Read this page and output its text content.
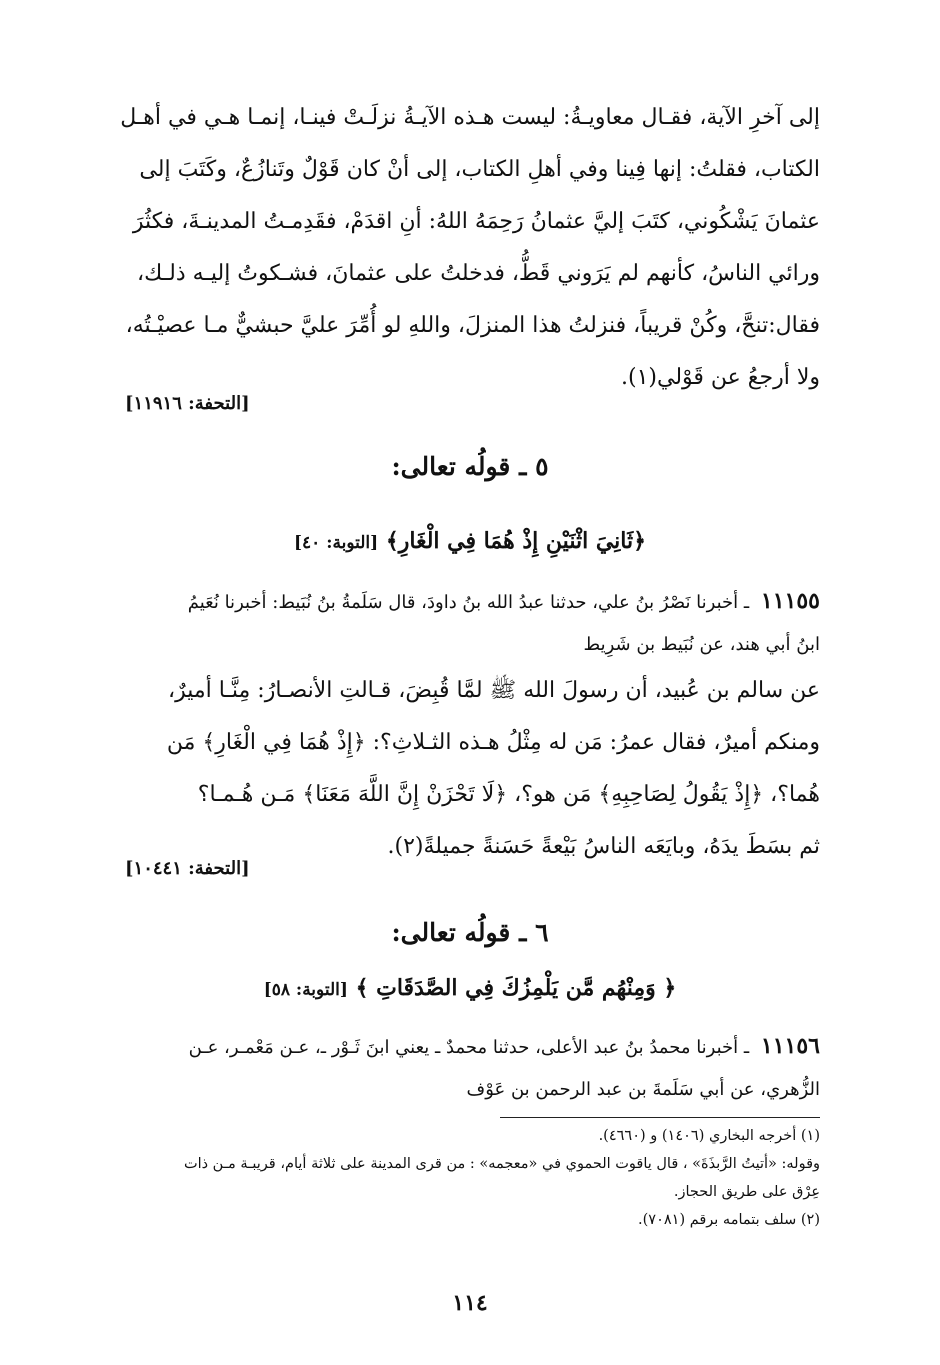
إلى آخرِ الآية، فقـال معاويـةُ: ليست هـذه الآيـةُ نزلَـتْ فينـا، إنمـا هـي في أهـل
الكتاب، فقلتُ: إنها فِينا وفي أهلِ الكتاب، إلى أنْ كان قَوْلٌ وتَنازُعٌ، وكَتَبَ إلى
عثمانَ يَشْكُوني، كتَبَ إليَّ عثمانُ رَحِمَهُ اللهُ: أنِ اقدَمْ، فقَدِمـتُ المدينـةَ، فكثُرَ
ورائي الناسُ، كأنهم لم يَرَوني قَطُّ، فدخلتُ على عثمانَ، فشـكوتُ إليـه ذلـك،
فقال:تنحَّ، وكُنْ قريباً، فنزلتُ هذا المنزلَ، واللهِ لو أُمِّرَ عليَّ حبشيٌّ مـا عصيْـتُه،
ولا أرجعُ عن قَوْلي(١).
[التحفة: ١١٩١٦]
٥ ـ قولُه تعالى:
﴿ثَانِيَ اثْنَيْنِ إِذْ هُمَا فِي الْغَارِ﴾ [التوبة: ٤٠]
١١١٥٥ ـ أخبرنا نَصْرُ بنُ علي، حدثنا عبدُ الله بنُ داودَ، قال سَلَمةُ بنُ نُبَيط: أخبرنا نُعَيمُ
ابنُ أبي هند، عن نُبَيط بن شَرِيط
عن سالم بن عُبيد، أن رسولَ الله ﷺ لمَّا قُبِضَ، قـالتِ الأنصـارُ: مِنَّـا أميرٌ،
ومنكم أميرٌ، فقال عمرُ: مَن له مِثْلُ هـذه الثـلاثِ؟: ﴿إِذْ هُمَا فِي الْغَارِ﴾ مَن
هُما؟، ﴿إِذْ يَقُولُ لِصَاحِبِهِ﴾ مَن هو؟، ﴿لَا تَحْزَنْ إِنَّ اللَّهَ مَعَنَا﴾ مَـن هُـمـا؟
ثم بسَطَ يدَهُ، وبايَعَه الناسُ بَيْعةً حَسَنةً جميلةً(٢).
[التحفة: ١٠٤٤١]
٦ ـ قولُه تعالى:
﴿ وَمِنْهُم مَّن يَلْمِزُكَ فِي الصَّدَقَاتِ ﴾ [التوبة: ٥٨]
١١١٥٦ ـ أخبرنا محمدُ بنُ عبد الأعلى، حدثنا محمدٌ ـ يعني ابنَ ثَـوْر ـ، عـن مَعْمـر، عـن
الزُّهري، عن أبي سَلَمةَ بن عبد الرحمن بن عَوْف
(١) أخرجه البخاري (١٤٠٦) و (٤٦٦٠).
وقوله: «أتيتُ الرَّبذَةَ» ، قال ياقوت الحموي في «معجمه» : من قرى المدينة على ثلاثة أيام، قريبـة مـن ذات
عِرْق على طريق الحجاز.
(٢) سلف بتمامه برقم (٧٠٨١).
١١٤
